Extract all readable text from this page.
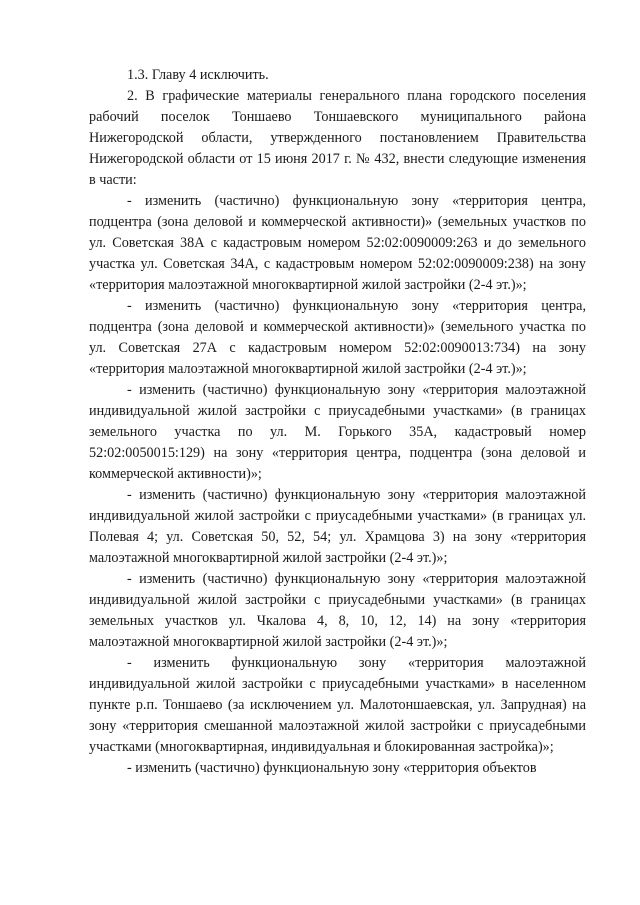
1.3. Главу 4 исключить.

2. В графические материалы генерального плана городского поселения рабочий поселок Тоншаево Тоншаевского муниципального района Нижегородской области, утвержденного постановлением Правительства Нижегородской области от 15 июня 2017 г. № 432, внести следующие изменения в части:

- изменить (частично) функциональную зону «территория центра, подцентра (зона деловой и коммерческой активности)» (земельных участков по ул. Советская 38А с кадастровым номером 52:02:0090009:263 и до земельного участка ул. Советская 34А, с кадастровым номером 52:02:0090009:238) на зону «территория малоэтажной многоквартирной жилой застройки (2-4 эт.)»;

- изменить (частично) функциональную зону «территория центра, подцентра (зона деловой и коммерческой активности)» (земельного участка по ул. Советская 27А с кадастровым номером 52:02:0090013:734) на зону «территория малоэтажной многоквартирной жилой застройки (2-4 эт.)»;

- изменить (частично) функциональную зону «территория малоэтажной индивидуальной жилой застройки с приусадебными участками» (в границах земельного участка по ул. М. Горького 35А, кадастровый номер 52:02:0050015:129) на зону «территория центра, подцентра (зона деловой и коммерческой активности)»;

- изменить (частично) функциональную зону «территория малоэтажной индивидуальной жилой застройки с приусадебными участками» (в границах ул. Полевая 4; ул. Советская 50, 52, 54; ул. Храмцова 3) на зону «территория малоэтажной многоквартирной жилой застройки (2-4 эт.)»;

- изменить (частично) функциональную зону «территория малоэтажной индивидуальной жилой застройки с приусадебными участками» (в границах земельных участков ул. Чкалова 4, 8, 10, 12, 14) на зону «территория малоэтажной многоквартирной жилой застройки (2-4 эт.)»;

- изменить функциональную зону «территория малоэтажной индивидуальной жилой застройки с приусадебными участками» в населенном пункте р.п. Тоншаево (за исключением ул. Малотоншаевская, ул. Запрудная) на зону «территория смешанной малоэтажной жилой застройки с приусадебными участками (многоквартирная, индивидуальная и блокированная застройка)»;

- изменить (частично) функциональную зону «территория объектов
